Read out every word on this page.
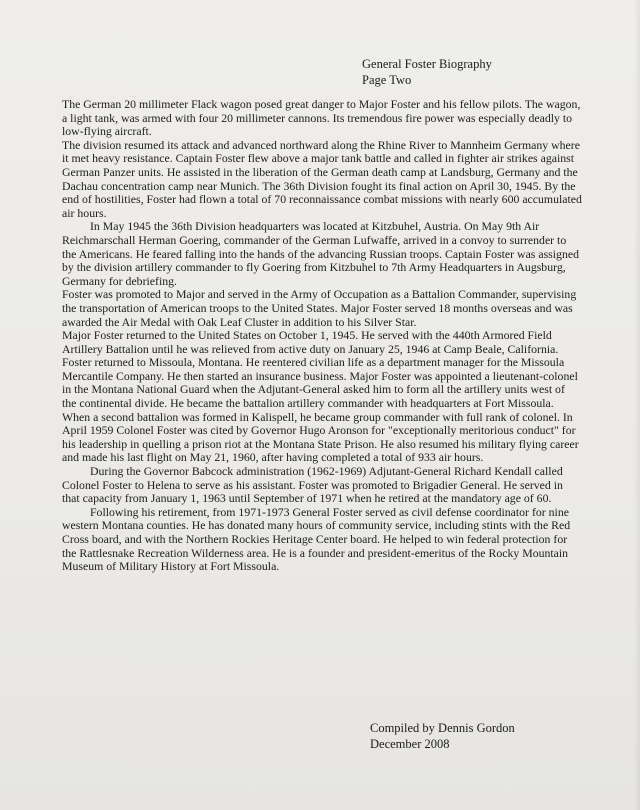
General Foster Biography
Page Two

The German 20 millimeter Flack wagon posed great danger to Major Foster and his fellow pilots. The wagon, a light tank, was armed with four 20 millimeter cannons. Its tremendous fire power was especially deadly to low-flying aircraft.

The division resumed its attack and advanced northward along the Rhine River to Mannheim Germany where it met heavy resistance. Captain Foster flew above a major tank battle and called in fighter air strikes against German Panzer units. He assisted in the liberation of the German death camp at Landsburg, Germany and the Dachau concentration camp near Munich. The 36th Division fought its final action on April 30, 1945. By the end of hostilities, Foster had flown a total of 70 reconnaissance combat missions with nearly 600 accumulated air hours.

In May 1945 the 36th Division headquarters was located at Kitzbuhel, Austria. On May 9th Air Reichmarschall Herman Goering, commander of the German Lufwaffe, arrived in a convoy to surrender to the Americans. He feared falling into the hands of the advancing Russian troops. Captain Foster was assigned by the division artillery commander to fly Goering from Kitzbuhel to 7th Army Headquarters in Augsburg, Germany for debriefing.

Foster was promoted to Major and served in the Army of Occupation as a Battalion Commander, supervising the transportation of American troops to the United States. Major Foster served 18 months overseas and was awarded the Air Medal with Oak Leaf Cluster in addition to his Silver Star.

Major Foster returned to the United States on October 1, 1945. He served with the 440th Armored Field Artillery Battalion until he was relieved from active duty on January 25, 1946 at Camp Beale, California.

Foster returned to Missoula, Montana. He reentered civilian life as a department manager for the Missoula Mercantile Company. He then started an insurance business. Major Foster was appointed a lieutenant-colonel in the Montana National Guard when the Adjutant-General asked him to form all the artillery units west of the continental divide. He became the battalion artillery commander with headquarters at Fort Missoula. When a second battalion was formed in Kalispell, he became group commander with full rank of colonel. In April 1959 Colonel Foster was cited by Governor Hugo Aronson for "exceptionally meritorious conduct" for his leadership in quelling a prison riot at the Montana State Prison. He also resumed his military flying career and made his last flight on May 21, 1960, after having completed a total of 933 air hours.

During the Governor Babcock administration (1962-1969) Adjutant-General Richard Kendall called Colonel Foster to Helena to serve as his assistant. Foster was promoted to Brigadier General. He served in that capacity from January 1, 1963 until September of 1971 when he retired at the mandatory age of 60.

Following his retirement, from 1971-1973 General Foster served as civil defense coordinator for nine western Montana counties. He has donated many hours of community service, including stints with the Red Cross board, and with the Northern Rockies Heritage Center board. He helped to win federal protection for the Rattlesnake Recreation Wilderness area. He is a founder and president-emeritus of the Rocky Mountain Museum of Military History at Fort Missoula.

Compiled by Dennis Gordon
December 2008
